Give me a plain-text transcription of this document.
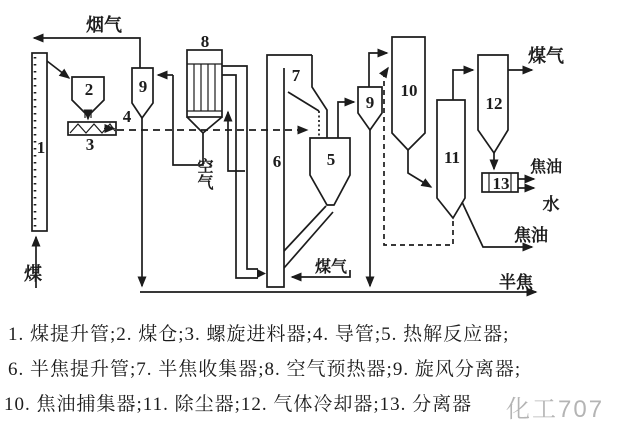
烟气
1
煤
2
3
4
9
8
空气
7
6
煤气
5
9
10
11
焦油
12
煤气
13
焦油
水
半焦
1. 煤提升管;2. 煤仓;3. 螺旋进料器;4. 导管;5. 热解反应器;
6. 半焦提升管;7. 半焦收集器;8. 空气预热器;9. 旋风分离器;
10. 焦油捕集器;11. 除尘器;12. 气体冷却器;13. 分离器 化工707
